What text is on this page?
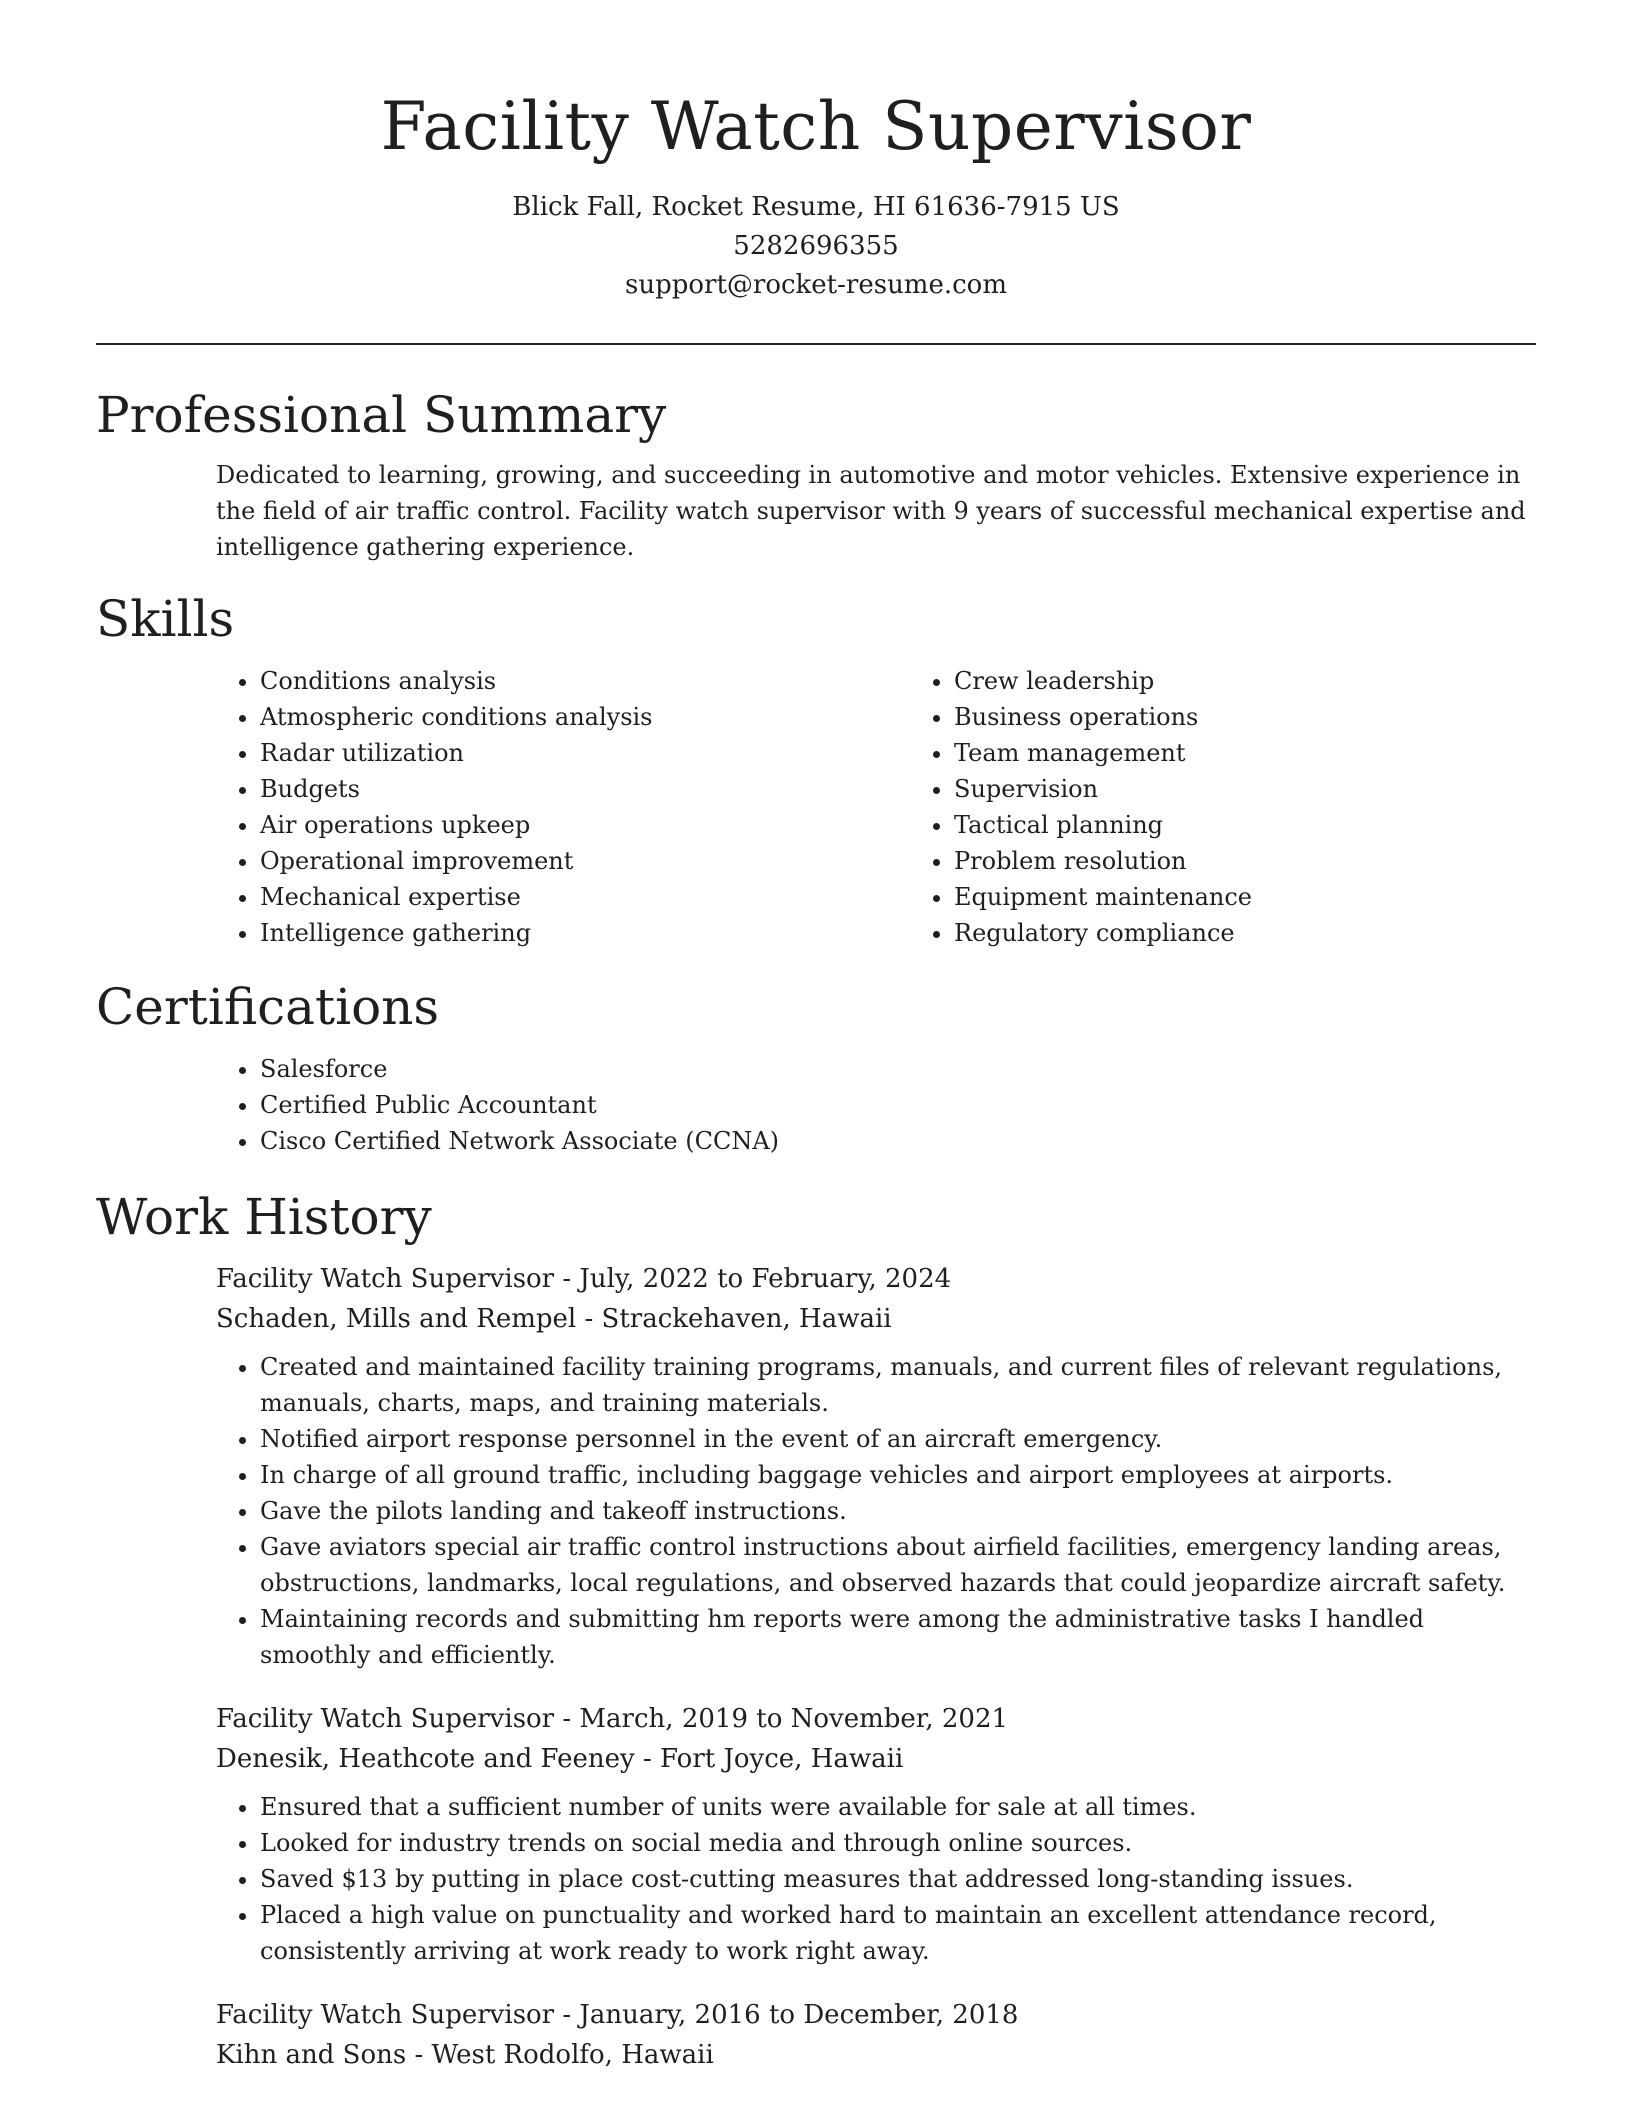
Facility Watch Supervisor
Blick Fall, Rocket Resume, HI 61636-7915 US
5282696355
support@rocket-resume.com
Professional Summary

Dedicated to learning, growing, and succeeding in automotive and motor vehicles. Extensive experience in the field of air traffic control. Facility watch supervisor with 9 years of successful mechanical expertise and intelligence gathering experience.

Skills
• Conditions analysis
• Atmospheric conditions analysis
• Radar utilization
• Budgets
• Air operations upkeep
• Operational improvement
• Mechanical expertise
• Intelligence gathering
• Crew leadership
• Business operations
• Team management
• Supervision
• Tactical planning
• Problem resolution
• Equipment maintenance
• Regulatory compliance
Certifications
• Salesforce
• Certified Public Accountant
• Cisco Certified Network Associate (CCNA)
Work History
Facility Watch Supervisor - July, 2022 to February, 2024
Schaden, Mills and Rempel - Strackehaven, Hawaii
• Created and maintained facility training programs, manuals, and current files of relevant regulations, manuals, charts, maps, and training materials.
• Notified airport response personnel in the event of an aircraft emergency.
• In charge of all ground traffic, including baggage vehicles and airport employees at airports.
• Gave the pilots landing and takeoff instructions.
• Gave aviators special air traffic control instructions about airfield facilities, emergency landing areas, obstructions, landmarks, local regulations, and observed hazards that could jeopardize aircraft safety.
• Maintaining records and submitting hm reports were among the administrative tasks I handled smoothly and efficiently.
Facility Watch Supervisor - March, 2019 to November, 2021
Denesik, Heathcote and Feeney - Fort Joyce, Hawaii
• Ensured that a sufficient number of units were available for sale at all times.
• Looked for industry trends on social media and through online sources.
• Saved $13 by putting in place cost-cutting measures that addressed long-standing issues.
• Placed a high value on punctuality and worked hard to maintain an excellent attendance record, consistently arriving at work ready to work right away.
Facility Watch Supervisor - January, 2016 to December, 2018
Kihn and Sons - West Rodolfo, Hawaii
